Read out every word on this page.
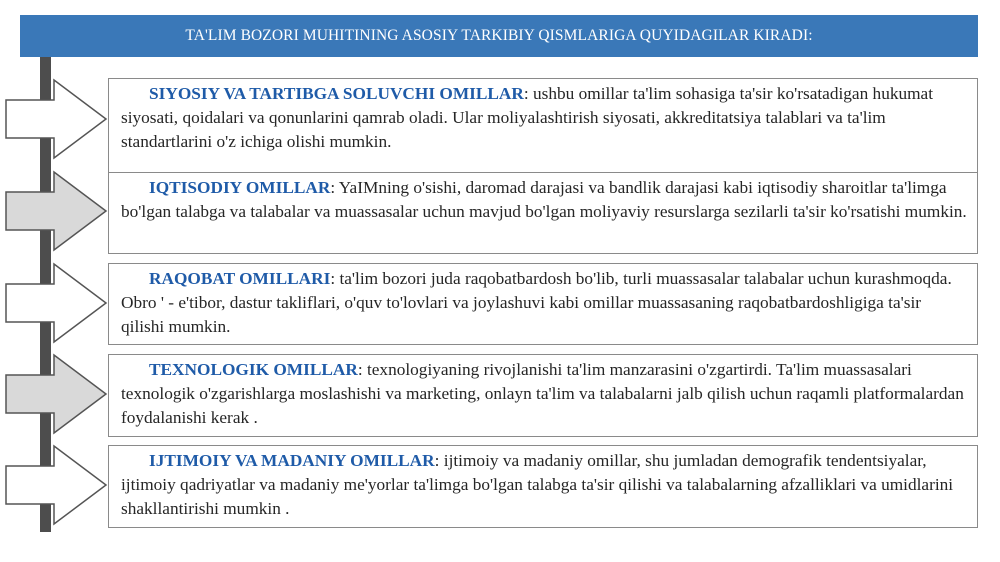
TA'LIM BOZORI MUHITINING ASOSIY TARKIBIY QISMLARIGA QUYIDAGILAR KIRADI:
SIYOSIY VA TARTIBGA SOLUVCHI OMILLAR: ushbu omillar ta'lim sohasiga ta'sir ko'rsatadigan hukumat siyosati, qoidalari va qonunlarini qamrab oladi. Ular moliyalashtirish siyosati, akkreditatsiya talablari va ta'lim standartlarini o'z ichiga olishi mumkin.
IQTISODIY OMILLAR: YaIMning o'sishi, daromad darajasi va bandlik darajasi kabi iqtisodiy sharoitlar ta'limga bo'lgan talabga va talabalar va muassasalar uchun mavjud bo'lgan moliyaviy resurslarga sezilarli ta'sir ko'rsatishi mumkin.
RAQOBAT OMILLARI: ta'lim bozori juda raqobatbardosh bo'lib, turli muassasalar talabalar uchun kurashmoqda. Obro ' - e'tibor, dastur takliflari, o'quv to'lovlari va joylashuvi kabi omillar muassasaning raqobatbardoshligiga ta'sir qilishi mumkin.
TEXNOLOGIK OMILLAR: texnologiyaning rivojlanishi ta'lim manzarasini o'zgartirdi. Ta'lim muassasalari texnologik o'zgarishlarga moslashishi va marketing, onlayn ta'lim va talabalarni jalb qilish uchun raqamli platformalardan foydalanishi kerak .
IJTIMOIY VA MADANIY OMILLAR: ijtimoiy va madaniy omillar, shu jumladan demografik tendentsiyalar, ijtimoiy qadriyatlar va madaniy me'yorlar ta'limga bo'lgan talabga ta'sir qilishi va talabalarning afzalliklari va umidlarini shakllantirishi mumkin .
